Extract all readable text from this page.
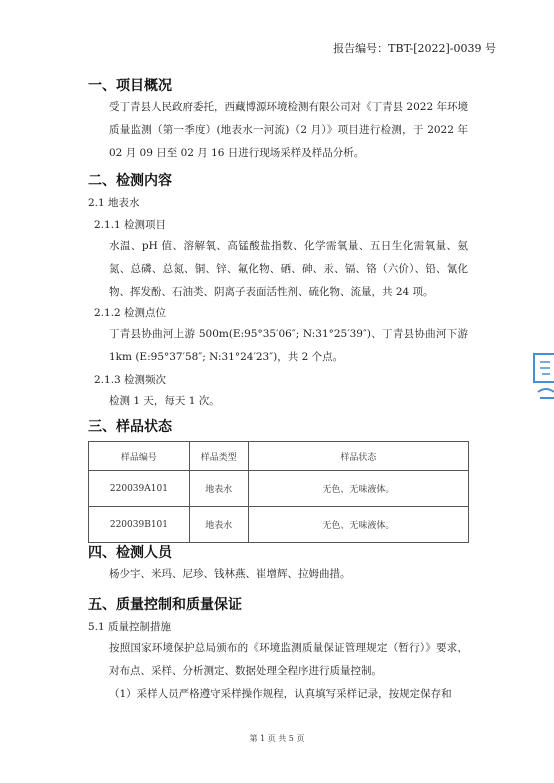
报告编号：TBT-[2022]-0039 号
一、项目概况
受丁青县人民政府委托，西藏博源环境检测有限公司对《丁青县 2022 年环境质量监测（第一季度）(地表水一河流)（2 月）》项目进行检测，于 2022 年 02 月 09 日至 02 月 16 日进行现场采样及样品分析。
二、检测内容
2.1 地表水
2.1.1 检测项目
水温、pH 值、溶解氧、高锰酸盐指数、化学需氧量、五日生化需氧量、氨氮、总磷、总氮、铜、锌、氟化物、硒、砷、汞、镉、铬（六价）、铅、氰化物、挥发酚、石油类、阴离子表面活性剂、硫化物、流量，共 24 项。
2.1.2 检测点位
丁青县协曲河上游 500m(E:95°35′06″; N:31°25′39″)、丁青县协曲河下游 1km (E:95°37′58″; N:31°24′23″)，共 2 个点。
2.1.3 检测频次
检测 1 天，每天 1 次。
三、样品状态
样品编号	样品类型	样品状态
220039A101	地表水	无色、无味液体。
220039B101	地表水	无色、无味液体。
四、检测人员
杨少宇、米玛、尼珍、钱林燕、崔增辉、拉姆曲措。
五、质量控制和质量保证
5.1 质量控制措施
按照国家环境保护总局颁布的《环境监测质量保证管理规定（暂行）》要求，对布点、采样、分析测定、数据处理全程序进行质量控制。
（1）采样人员严格遵守采样操作规程，认真填写采样记录，按规定保存和
第 1 页 共 5 页
